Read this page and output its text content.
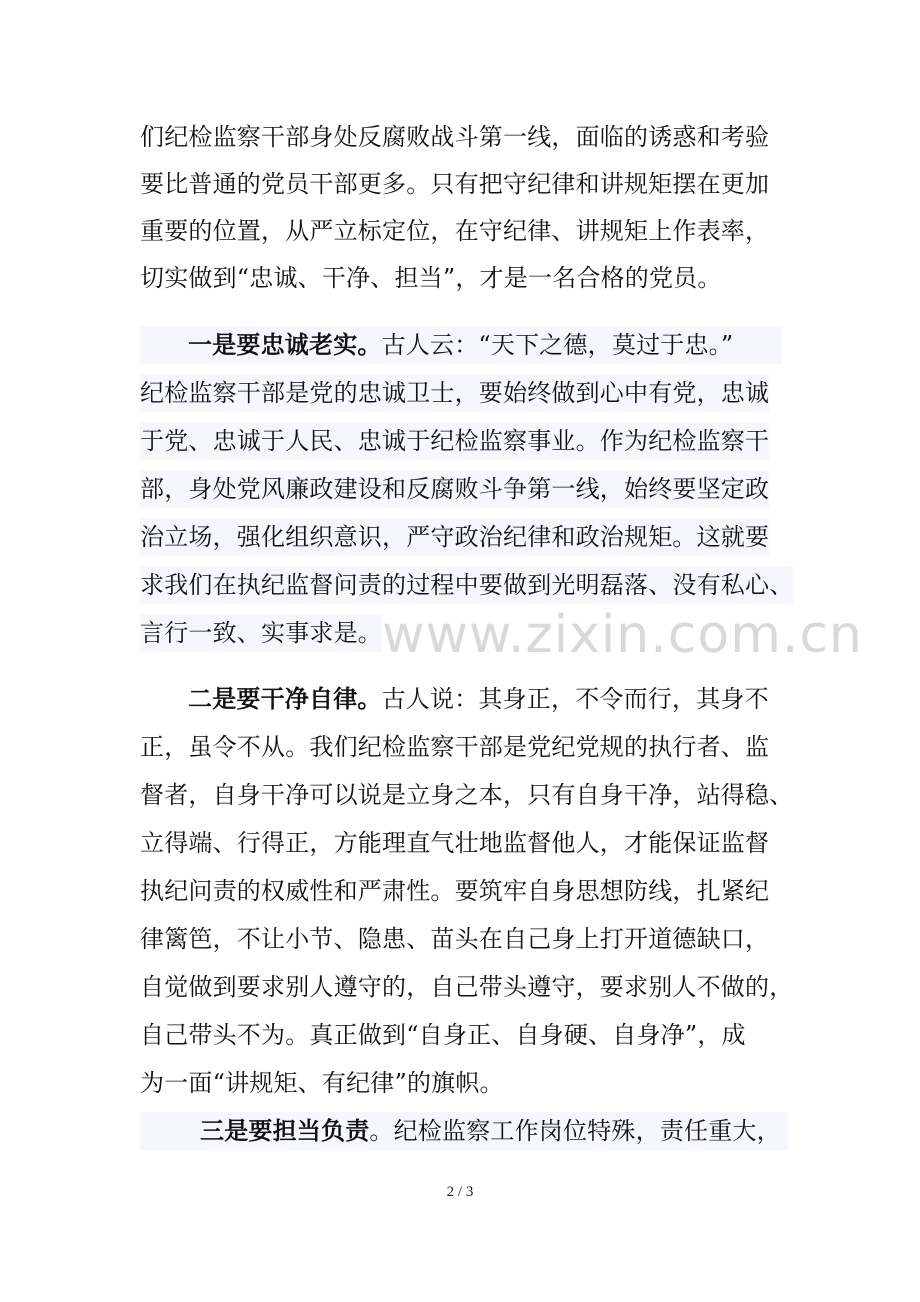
们纪检监察干部身处反腐败战斗第一线，面临的诱惑和考验
要比普通的党员干部更多。只有把守纪律和讲规矩摆在更加
重要的位置，从严立标定位，在守纪律、讲规矩上作表率，
切实做到“忠诚、干净、担当”，才是一名合格的党员。
一是要忠诚老实。古人云：“天下之德，莫过于忠。”
纪检监察干部是党的忠诚卫士，要始终做到心中有党，忠诚
于党、忠诚于人民、忠诚于纪检监察事业。作为纪检监察干
部，身处党风廉政建设和反腐败斗争第一线，始终要坚定政
治立场，强化组织意识，严守政治纪律和政治规矩。这就要
求我们在执纪监督问责的过程中要做到光明磊落、没有私心、
言行一致、实事求是。 www.zixin.com.cn
二是要干净自律。古人说：其身正，不令而行，其身不
正，虽令不从。我们纪检监察干部是党纪党规的执行者、监
督者，自身干净可以说是立身之本，只有自身干净，站得稳、
立得端、行得正，方能理直气壮地监督他人，才能保证监督
执纪问责的权威性和严肃性。要筑牢自身思想防线，扎紧纪
律篱笆，不让小节、隐患、苗头在自己身上打开道德缺口，
自觉做到要求别人遵守的，自己带头遵守，要求别人不做的，
自己带头不为。真正做到“自身正、自身硬、自身净”，成
为一面“讲规矩、有纪律”的旗帜。
三是要担当负责。纪检监察工作岗位特殊，责任重大，
2 / 3
